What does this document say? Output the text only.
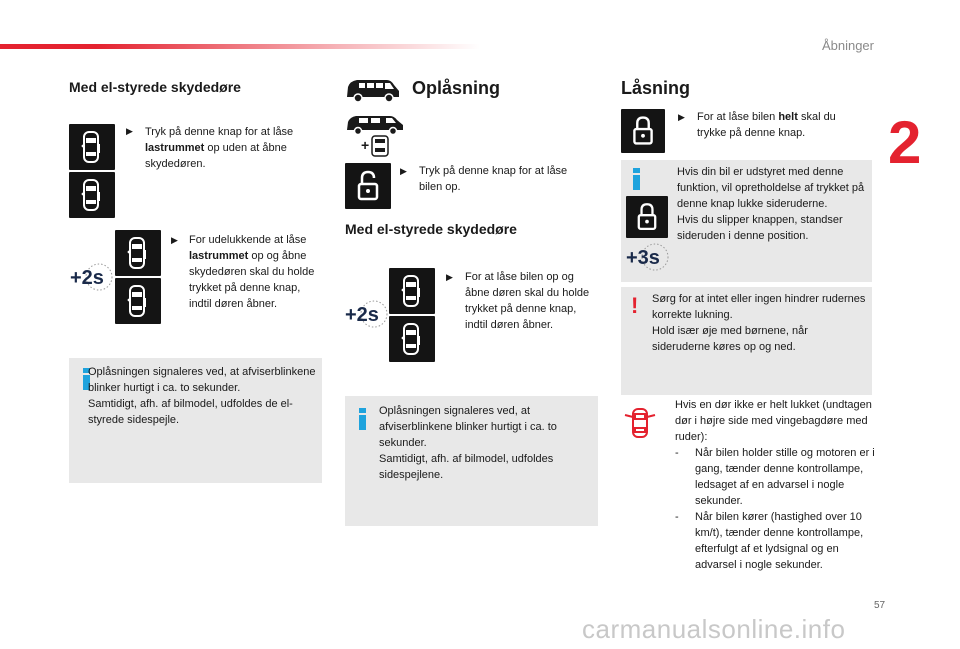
Åbninger
2
Med el-styrede skydedøre
▶︎ Tryk på denne knap for at låse lastrummet op uden at åbne skydedøren.
+2s
▶︎ For udelukkende at låse lastrummet op og åbne skydedøren skal du holde trykket på denne knap, indtil døren åbner.
Oplåsningen signaleres ved, at afviserblinkene blinker hurtigt i ca. to sekunder.
Samtidigt, afh. af bilmodel, udfoldes de el-styrede sidespejle.
Oplåsning
+
▶︎ Tryk på denne knap for at låse bilen op.
Med el-styrede skydedøre
+2s
▶︎ For at låse bilen op og åbne døren skal du holde trykket på denne knap, indtil døren åbner.
Oplåsningen signaleres ved, at afviserblinkene blinker hurtigt i ca. to sekunder.
Samtidigt, afh. af bilmodel, udfoldes sidespejlene.
Låsning
▶︎ For at låse bilen helt skal du trykke på denne knap.
+3s
Hvis din bil er udstyret med denne funktion, vil opretholdelse af trykket på denne knap lukke sideruderne.
Hvis du slipper knappen, standser sideruden i denne position.
! Sørg for at intet eller ingen hindrer rudernes korrekte lukning.
Hold især øje med børnene, når sideruderne køres op og ned.
Hvis en dør ikke er helt lukket (undtagen dør i højre side med vingebagdøre med ruder):
- Når bilen holder stille og motoren er i gang, tænder denne kontrollampe, ledsaget af en advarsel i nogle sekunder.
- Når bilen kører (hastighed over 10 km/t), tænder denne kontrollampe, efterfulgt af et lydsignal og en advarsel i nogle sekunder.
57
carmanualsonline.info
